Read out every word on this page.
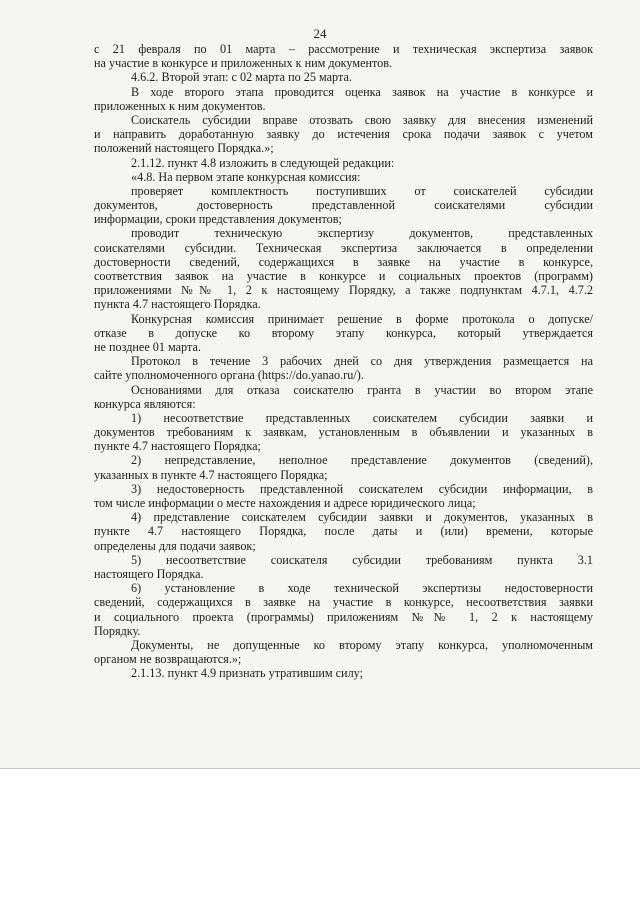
24
с 21 февраля по 01 марта – рассмотрение и техническая экспертиза заявок
на участие в конкурсе и приложенных к ним документов.
4.6.2. Второй этап: с 02 марта по 25 марта.
В ходе второго этапа проводится оценка заявок на участие в конкурсе и
приложенных к ним документов.
Соискатель субсидии вправе отозвать свою заявку для внесения изменений
и направить доработанную заявку до истечения срока подачи заявок с учетом
положений настоящего Порядка.»;
2.1.12. пункт 4.8 изложить в следующей редакции:
«4.8. На первом этапе конкурсная комиссия:
проверяет комплектность поступивших от соискателей субсидии
документов, достоверность представленной соискателями субсидии
информации, сроки представления документов;
проводит техническую экспертизу документов, представленных
соискателями субсидии. Техническая экспертиза заключается в определении
достоверности сведений, содержащихся в заявке на участие в конкурсе,
соответствия заявок на участие в конкурсе и социальных проектов (программ)
приложениями №№ 1, 2 к настоящему Порядку, а также подпунктам 4.7.1, 4.7.2
пункта 4.7 настоящего Порядка.
Конкурсная комиссия принимает решение в форме протокола о допуске/
отказе в допуске ко второму этапу конкурса, который утверждается
не позднее 01 марта.
Протокол в течение 3 рабочих дней со дня утверждения размещается на
сайте уполномоченного органа (https://do.yanao.ru/).
Основаниями для отказа соискателю гранта в участии во втором этапе
конкурса являются:
1) несоответствие представленных соискателем субсидии заявки и
документов требованиям к заявкам, установленным в объявлении и указанных в
пункте 4.7 настоящего Порядка;
2) непредставление, неполное представление документов (сведений),
указанных в пункте 4.7 настоящего Порядка;
3) недостоверность представленной соискателем субсидии информации, в
том числе информации о месте нахождения и адресе юридического лица;
4) представление соискателем субсидии заявки и документов, указанных в
пункте 4.7 настоящего Порядка, после даты и (или) времени, которые
определены для подачи заявок;
5) несоответствие соискателя субсидии требованиям пункта 3.1
настоящего Порядка.
6) установление в ходе технической экспертизы недостоверности
сведений, содержащихся в заявке на участие в конкурсе, несоответствия заявки
и социального проекта (программы) приложениям №№ 1, 2 к настоящему
Порядку.
Документы, не допущенные ко второму этапу конкурса, уполномоченным
органом не возвращаются.»;
2.1.13. пункт 4.9 признать утратившим силу;
